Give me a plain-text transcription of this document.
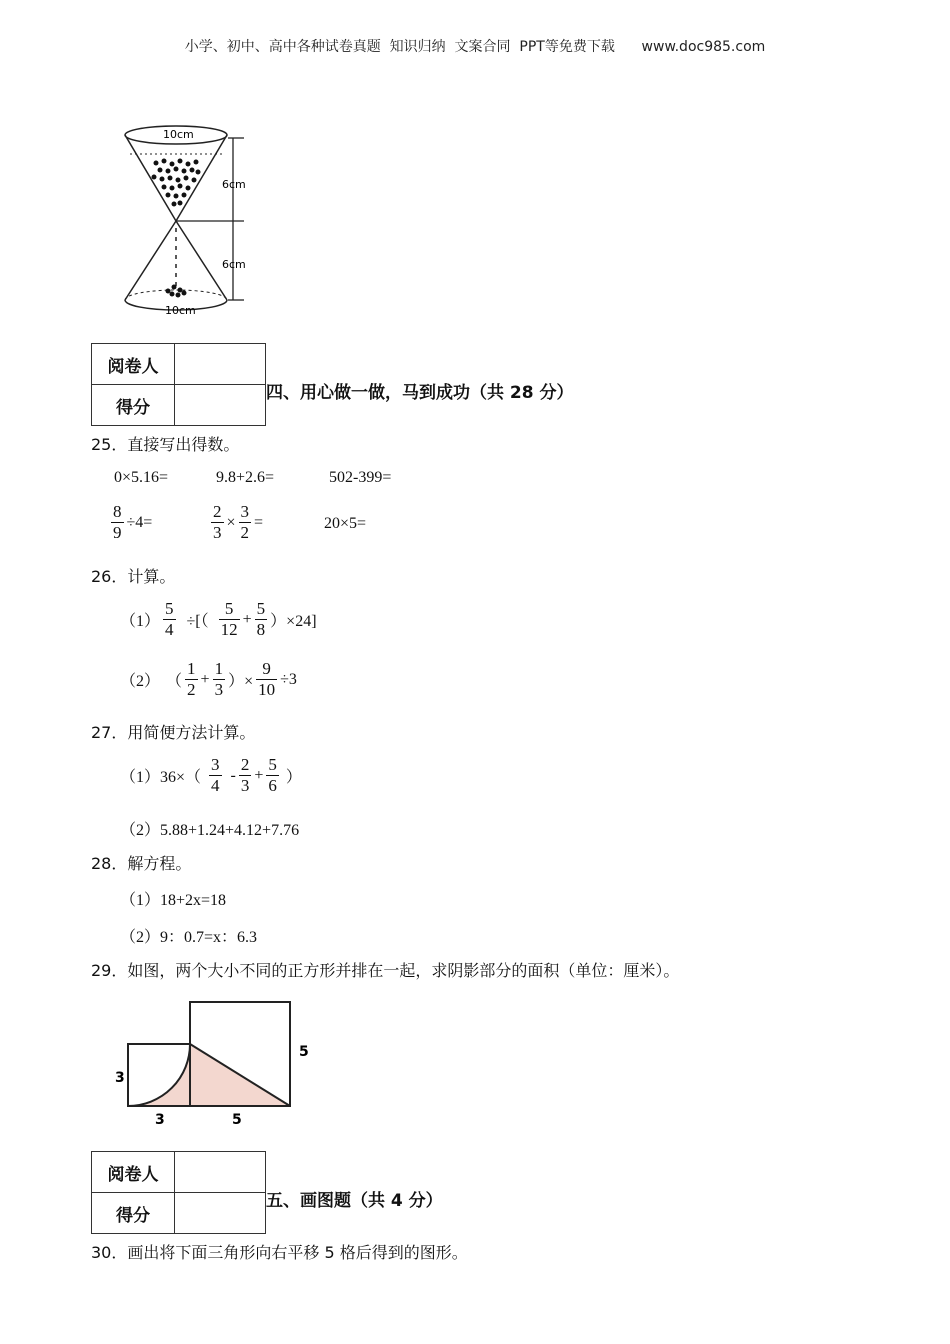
小学、初中、高中各种试卷真题  知识归纳  文案合同  PPT等免费下载      www.doc985.com
10cm
10cm
6cm
6cm
阅卷人	
得分	
四、用心做一做，马到成功（共 28 分）
25．直接写出得数。
0×5.16=	9.8+2.6=	502-399=
$\frac{8}{9} \div 4=$	$\frac{2}{3} \times \frac{3}{2}$ =	20×5=
26．计算。
$(1) \frac{5}{4}$ ÷[（ $\frac{5}{12} + \frac{5}{8} )\times 24$]
（2） （ $\frac{1}{2} + \frac{1}{3}$ ）× $\frac{9}{10} \div 3$
27．用简便方法计算。
$(1)36\times( \frac{3}{4} - \frac{2}{3} + \frac{5}{6}$ ）
（2）5.88+1.24+4.12+7.76
28．解方程。
（1）18+2x=18
（2）9：0.7=x：6.3
29．如图，两个大小不同的正方形并排在一起，求阴影部分的面积（单位：厘米）。
3
3	5
5
阅卷人	
得分	
五、画图题（共 4 分）
30．画出将下面三角形向右平移 5 格后得到的图形。
